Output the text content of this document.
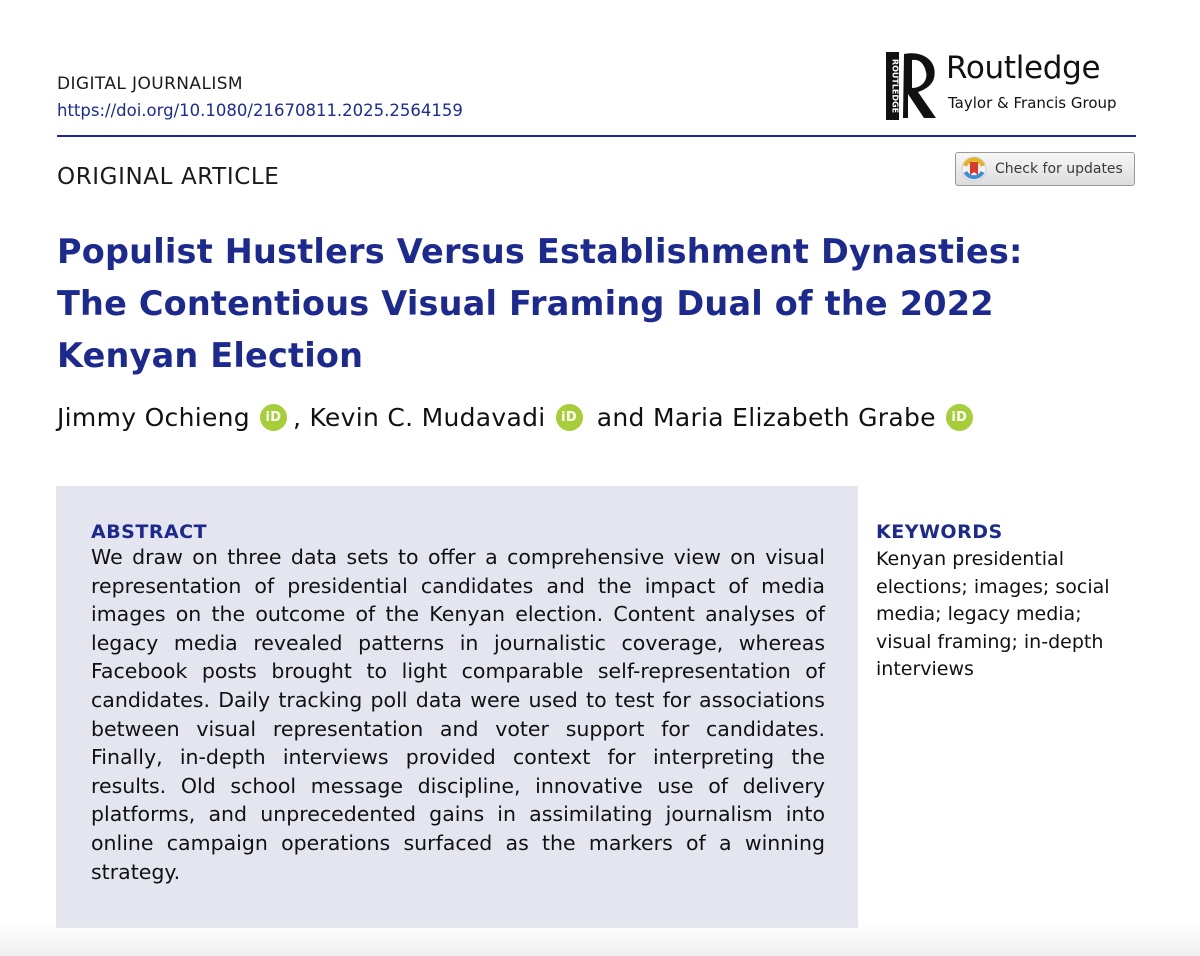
DIGITAL JOURNALISM
https://doi.org/10.1080/21670811.2025.2564159	ROUTLEDGE Routledge
Taylor & Francis Group
ORIGINAL ARTICLE	Check for updates
Populist Hustlers Versus Establishment Dynasties: The Contentious Visual Framing Dual of the 2022 Kenyan Election
Jimmy Ochieng	iD , Kevin C. Mudavadi	iD and Maria Elizabeth Grabe	iD
ABSTRACT

We draw on three data sets to offer a comprehensive view on visual representation of presidential candidates and the impact of media images on the outcome of the Kenyan election. Content analyses of legacy media revealed patterns in journalistic coverage, whereas Facebook posts brought to light comparable self-representation of candidates. Daily tracking poll data were used to test for associations between visual representation and voter support for candidates. Finally, in-depth interviews provided context for interpreting the results. Old school message discipline, innovative use of delivery platforms, and unprecedented gains in assimilating journalism into online campaign operations surfaced as the markers of a winning strategy.

KEYWORDS

Kenyan presidential elections; images; social media; legacy media; visual framing; in-depth interviews
